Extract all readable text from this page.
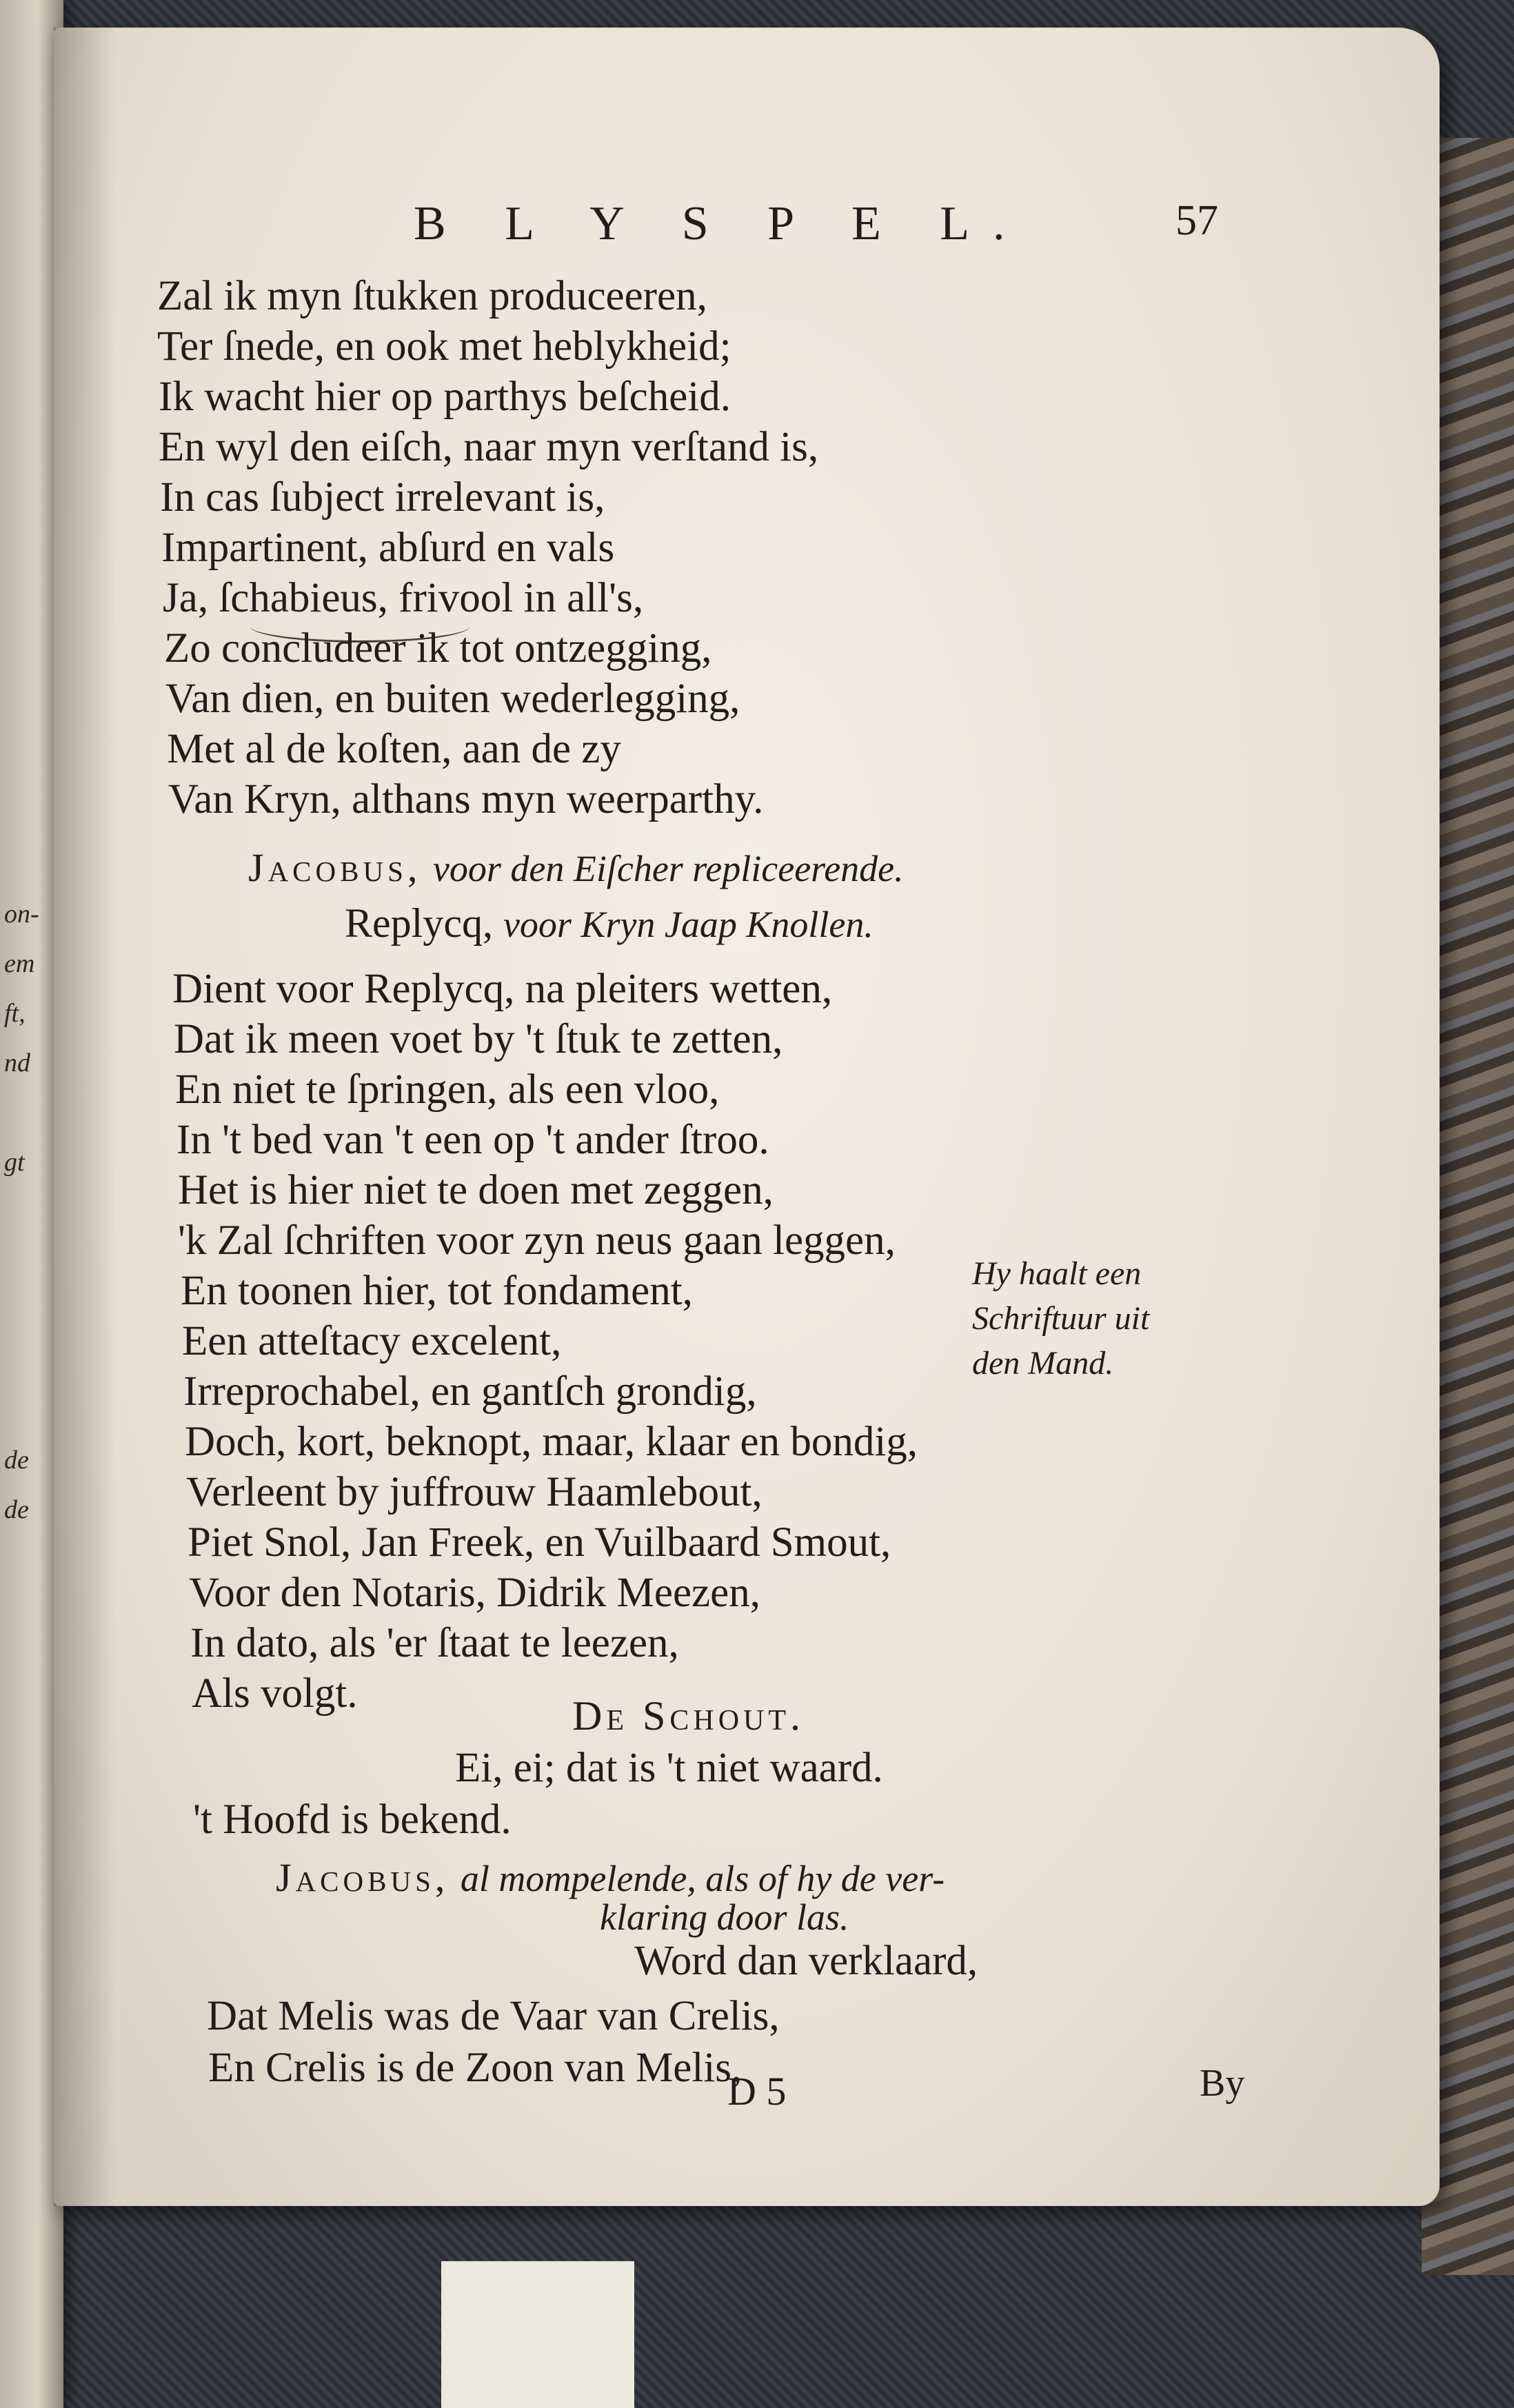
on-
em
ft,
nd

gt
de
de
B L Y S P E L.	57
Zal ik myn ſtukken produceeren,
Ter ſnede, en ook met heblykheid;
Ik wacht hier op parthys beſcheid.
En wyl den eiſch, naar myn verſtand is,
In cas ſubject irrelevant is,
Impartinent, abſurd en vals
Ja, ſchabieus, frivool in all's,
Zo concludeer ik tot ontzegging,
Van dien, en buiten wederlegging,
Met al de koſten, aan de zy
Van Kryn, althans myn weerparthy.
Jacobus, voor den Eiſcher repliceerende.
Replycq, voor Kryn Jaap Knollen.
Dient voor Replycq, na pleiters wetten,
Dat ik meen voet by 't ſtuk te zetten,
En niet te ſpringen, als een vloo,
In 't bed van 't een op 't ander ſtroo.
Het is hier niet te doen met zeggen,
'k Zal ſchriften voor zyn neus gaan leggen,
En toonen hier, tot fondament,
Een atteſtacy excelent,
Irreprochabel, en gantſch grondig,
Doch, kort, beknopt, maar, klaar en bondig,
Verleent by juffrouw Haamlebout,
Piet Snol, Jan Freek, en Vuilbaard Smout,
Voor den Notaris, Didrik Meezen,
In dato, als 'er ſtaat te leezen,
Als volgt.
Hy haalt een
Schriftuur uit
den Mand.
De Schout.
Ei, ei; dat is 't niet waard.
't Hoofd is bekend.
Jacobus, al mompelende, als of hy de ver-
klaring door las.
Word dan verklaard,
Dat Melis was de Vaar van Crelis,
En Crelis is de Zoon van Melis,
D 5	By
